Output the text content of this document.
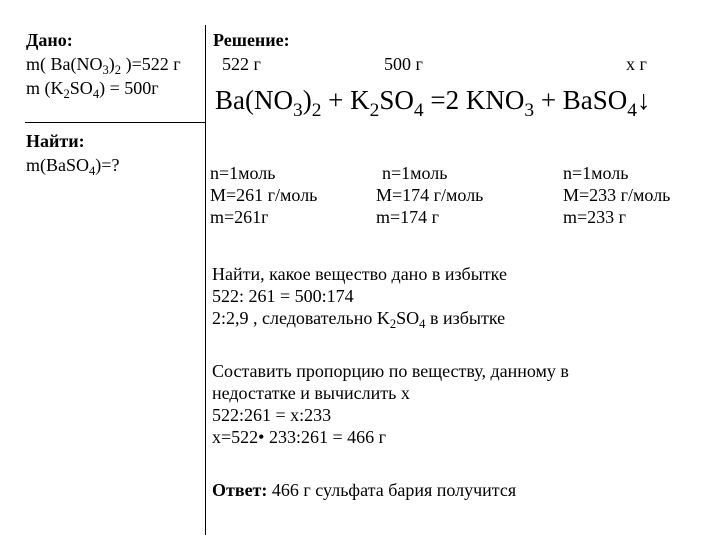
Дано:
m( $Ba(NO_3)_2$ )=522 г
m $(K_2SO_4) = 500г$
Найти:
m(BaSO$_4$)=?
Решение:
522 г	500 г	х г
$Ba(NO_3)_2 + K_2SO_4 =2$ $KNO_3$ + BaSO$_4$↓
n=1моль
M=261 г/моль
m=261г
n=1моль
M=174 г/моль
m=174 г
n=1моль
M=233 г/моль
m=233 г
Найти, какое вещество дано в избытке
522: 261 = 500:174
2:2,9 , следовательно $K_2SO_4$ в избытке
Составить пропорцию по веществу, данному в
недостатке и вычислить х
522:261 = х:233
х=522• 233:261 = 466 г
Ответ: 466 г сульфата бария получится
